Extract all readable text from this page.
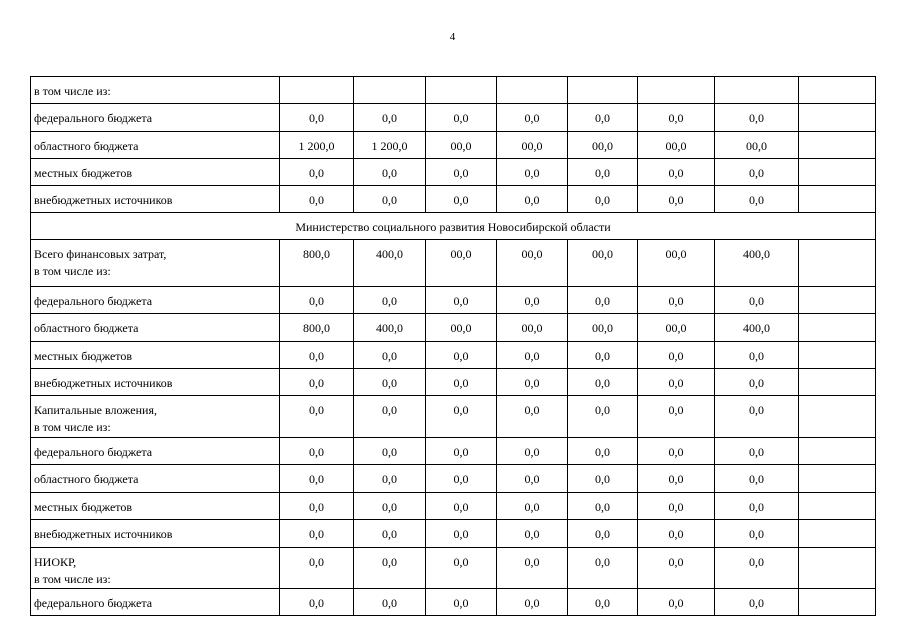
4
в том числе из:								
федерального бюджета	0,0	0,0	0,0	0,0	0,0	0,0	0,0	
областного бюджета	1 200,0	1 200,0	00,0	00,0	00,0	00,0	00,0	
местных бюджетов	0,0	0,0	0,0	0,0	0,0	0,0	0,0	
внебюджетных источников	0,0	0,0	0,0	0,0	0,0	0,0	0,0	
Министерство социального развития Новосибирской области								
Всего финансовых затрат,
в том числе из:	800,0	400,0	00,0	00,0	00,0	00,0	400,0	
федерального бюджета	0,0	0,0	0,0	0,0	0,0	0,0	0,0	
областного бюджета	800,0	400,0	00,0	00,0	00,0	00,0	400,0	
местных бюджетов	0,0	0,0	0,0	0,0	0,0	0,0	0,0	
внебюджетных источников	0,0	0,0	0,0	0,0	0,0	0,0	0,0	
Капитальные вложения,
в том числе из:	0,0	0,0	0,0	0,0	0,0	0,0	0,0	
федерального бюджета	0,0	0,0	0,0	0,0	0,0	0,0	0,0	
областного бюджета	0,0	0,0	0,0	0,0	0,0	0,0	0,0	
местных бюджетов	0,0	0,0	0,0	0,0	0,0	0,0	0,0	
внебюджетных источников	0,0	0,0	0,0	0,0	0,0	0,0	0,0	
НИОКР,
в том числе из:	0,0	0,0	0,0	0,0	0,0	0,0	0,0	
федерального бюджета	0,0	0,0	0,0	0,0	0,0	0,0	0,0	
